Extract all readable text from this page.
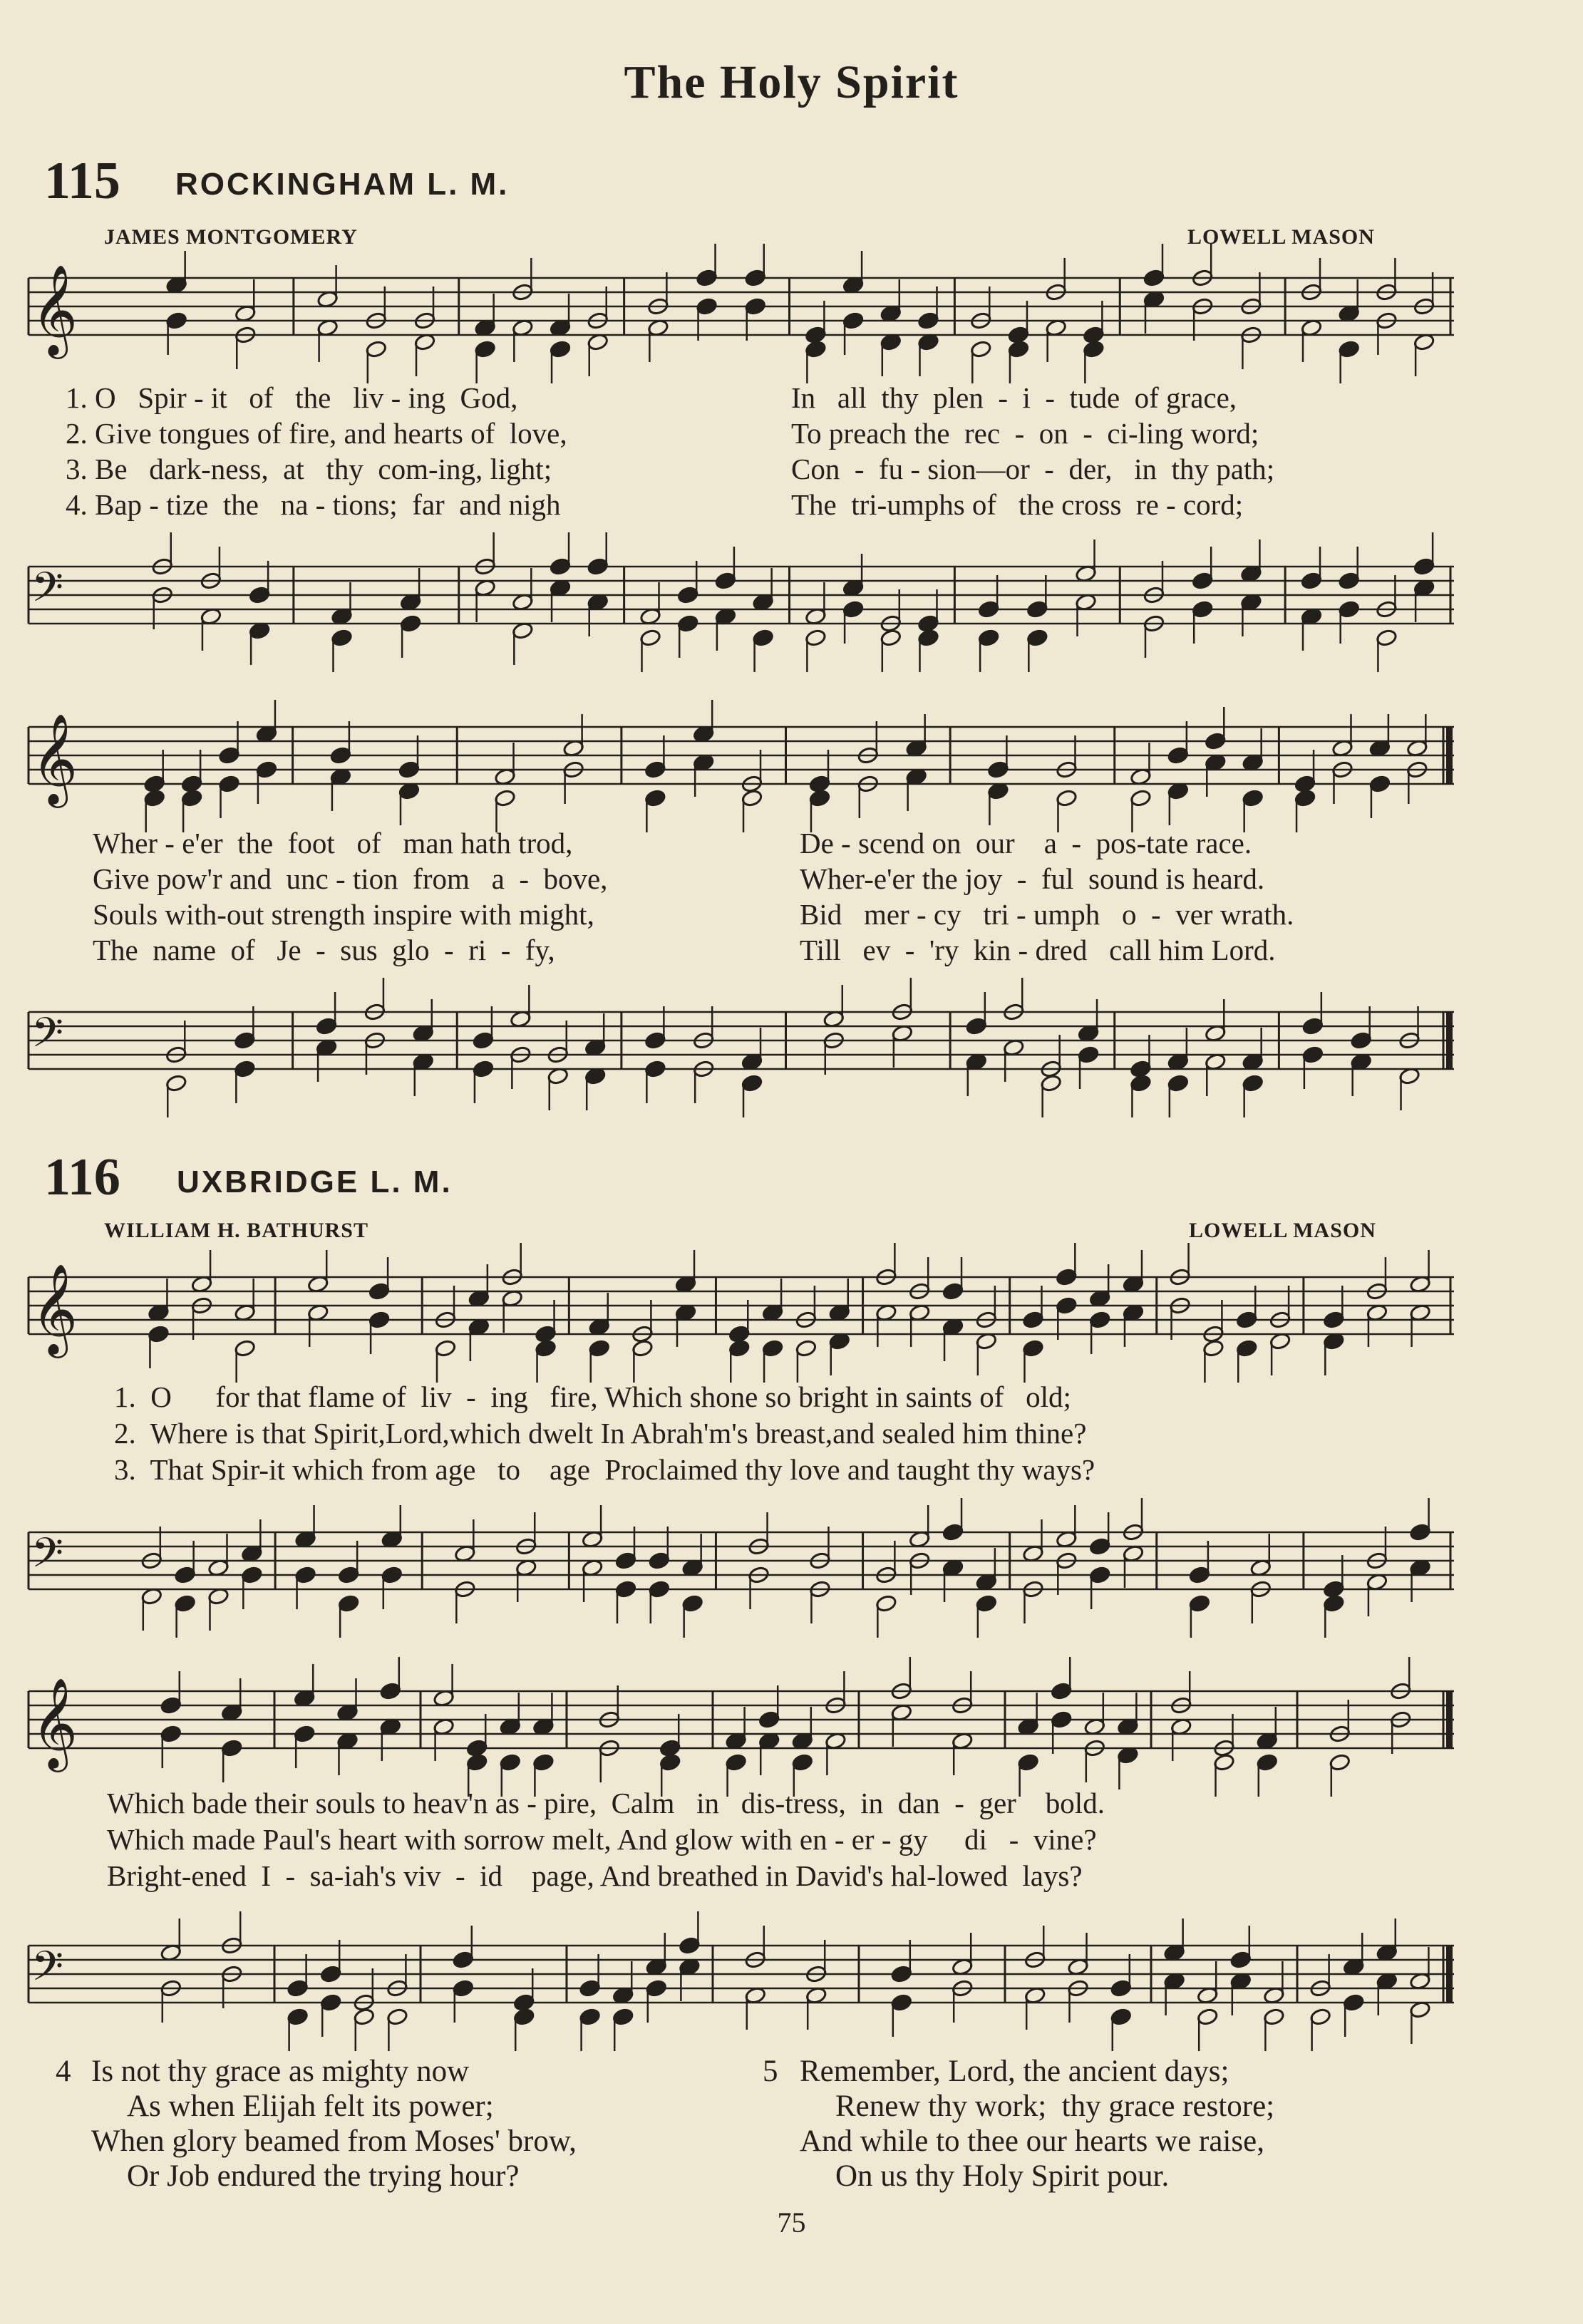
The Holy Spirit
115 ROCKINGHAM L. M.
JAMES MONTGOMERY	LOWELL MASON
𝄞
1. O   Spir - it   of   the   liv - ing  God,
2. Give tongues of fire, and hearts of  love,
3. Be   dark-ness,  at   thy  com-ing, light;
4. Bap - tize  the   na - tions;  far  and nigh
In   all  thy  plen  -  i  -  tude  of grace,
To preach the  rec  -  on  -  ci-ling word;
Con  -  fu - sion—or  -  der,   in  thy path;
The  tri-umphs of   the cross  re - cord;
𝄢
𝄞
Wher - e'er  the  foot   of   man hath trod,
Give pow'r and  unc - tion  from   a  -  bove,
Souls with-out strength inspire with might,
The  name  of   Je  -  sus  glo  -  ri  -  fy,
De - scend on  our    a  -  pos-tate race.
Wher-e'er the joy  -  ful  sound is heard.
Bid   mer - cy   tri - umph   o  -  ver wrath.
Till   ev  -  'ry  kin - dred   call him Lord.
𝄢
116 UXBRIDGE L. M.
WILLIAM H. BATHURST	LOWELL MASON
𝄞
1.  O      for that flame of  liv  -  ing   fire, Which shone so bright in saints of   old;
2.  Where is that Spirit,Lord,which dwelt In Abrah'm's breast,and sealed him thine?
3.  That Spir-it which from age   to    age  Proclaimed thy love and taught thy ways?
𝄢
𝄞
Which bade their souls to heav'n as - pire,  Calm   in   dis-tress,  in  dan  -  ger    bold.
Which made Paul's heart with sorrow melt, And glow with en - er - gy     di   -  vine?
Bright-ened  I  -  sa-iah's viv  -  id    page, And breathed in David's hal-lowed  lays?
𝄢
4 Is not thy grace as mighty now
As when Elijah felt its power;
When glory beamed from Moses' brow,
Or Job endured the trying hour?
5 Remember, Lord, the ancient days;
Renew thy work;  thy grace restore;
And while to thee our hearts we raise,
On us thy Holy Spirit pour.
75
